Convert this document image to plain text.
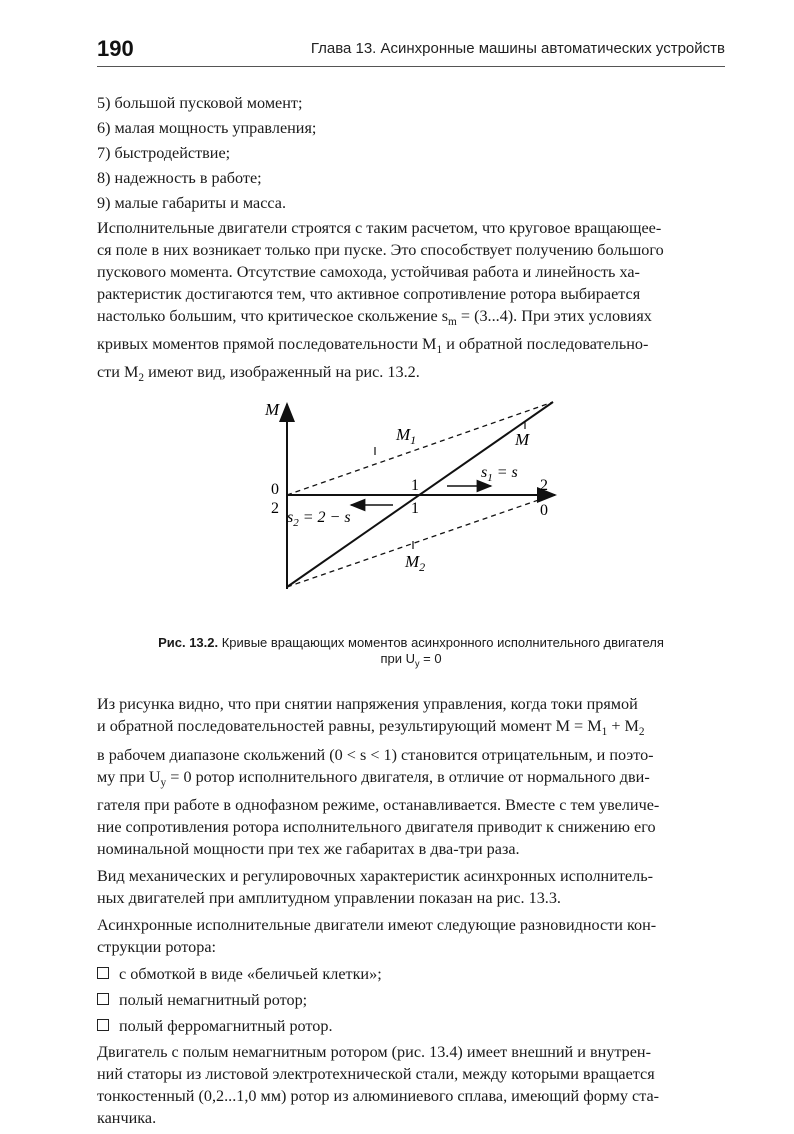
190	Глава 13. Асинхронные машины автоматических устройств
5) большой пусковой момент;
6) малая мощность управления;
7) быстродействие;
8) надежность в работе;
9) малые габариты и масса.
Исполнительные двигатели строятся с таким расчетом, что круговое вращающее-
ся поле в них возникает только при пуске. Это способствует получению большого
пускового момента. Отсутствие самохода, устойчивая работа и линейность ха-
рактеристик достигаются тем, что активное сопротивление ротора выбирается
настолько большим, что критическое скольжение $s_m = (3...4)$. При этих условиях
кривых моментов прямой последовательности $M_1$ и обратной последовательно-
сти $M_2$ имеют вид, изображенный на рис. 13.2.
M
$M_1$	M
$M_2$
$s_1 = s$
$s_2 = 2 - s$
0	1	2
2	1	0
Рис. 13.2. Кривые вращающих моментов асинхронного исполнительного двигателя
при $U_у = 0$
Из рисунка видно, что при снятии напряжения управления, когда токи прямой
и обратной последовательностей равны, результирующий момент $M = M_1 + M_2$
в рабочем диапазоне скольжений (0 < s < 1) становится отрицательным, и поэто-
му при $U_у = 0$ ротор исполнительного двигателя, в отличие от нормального дви-
гателя при работе в однофазном режиме, останавливается. Вместе с тем увеличе-
ние сопротивления ротора исполнительного двигателя приводит к снижению его
номинальной мощности при тех же габаритах в два-три раза.
Вид механических и регулировочных характеристик асинхронных исполнитель-
ных двигателей при амплитудном управлении показан на рис. 13.3.
Асинхронные исполнительные двигатели имеют следующие разновидности кон-
струкции ротора:
с обмоткой в виде «беличьей клетки»;
полый немагнитный ротор;
полый ферромагнитный ротор.
Двигатель с полым немагнитным ротором (рис. 13.4) имеет внешний и внутрен-
ний статоры из листовой электротехнической стали, между которыми вращается
тонкостенный (0,2...1,0 мм) ротор из алюминиевого сплава, имеющий форму ста-
канчика.
